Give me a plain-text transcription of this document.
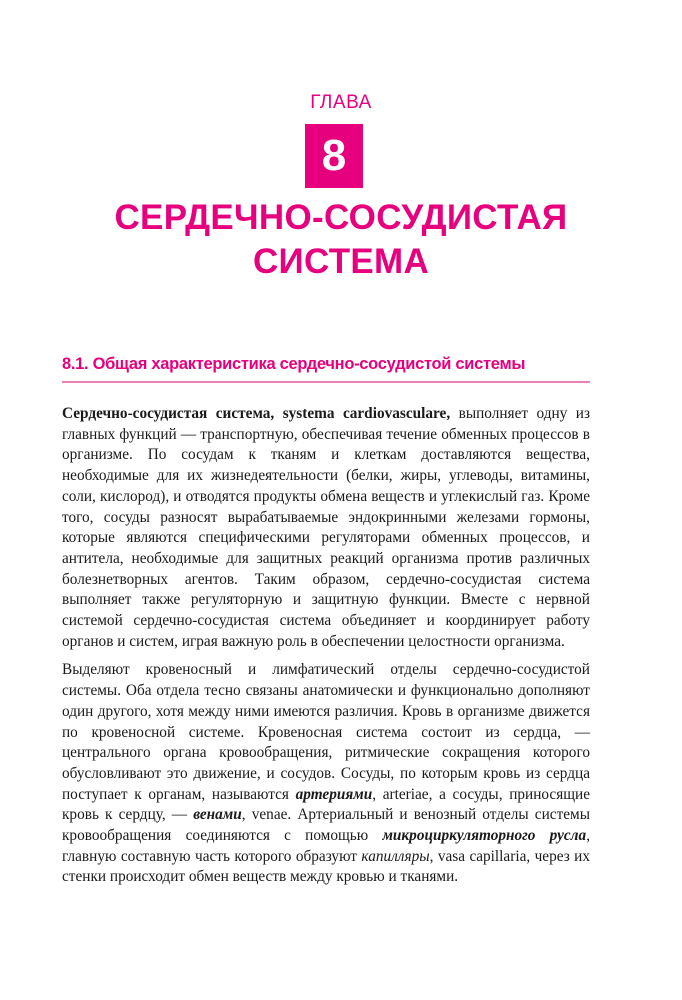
ГЛАВА
8
СЕРДЕЧНО-СОСУДИСТАЯ
СИСТЕМА
8.1. Общая характеристика сердечно-сосудистой системы

Сердечно-сосудистая система, systema cardiovasculare, выполняет одну из главных функций — транспортную, обеспечивая течение обменных процессов в организме. По сосудам к тканям и клеткам доставляются вещества, необходимые для их жизнедеятельности (белки, жиры, углеводы, витамины, соли, кислород), и отводятся продукты обмена веществ и углекислый газ. Кроме того, сосуды разносят вырабатываемые эндокринными железами гормоны, которые являются специфическими регуляторами обменных процессов, и антитела, необходимые для защитных реакций организма против различных болезнетворных агентов. Таким образом, сердечно-сосудистая система выполняет также регуляторную и защитную функции. Вместе с нервной системой сердечно-сосудистая система объединяет и координирует работу органов и систем, играя важную роль в обеспечении целостности организма.

Выделяют кровеносный и лимфатический отделы сердечно-сосудистой системы. Оба отдела тесно связаны анатомически и функционально дополняют один другого, хотя между ними имеются различия. Кровь в организме движется по кровеносной системе. Кровеносная система состоит из сердца, — центрального органа кровообращения, ритмические сокращения которого обусловливают это движение, и сосудов. Сосуды, по которым кровь из сердца поступает к органам, называются артериями, arteriae, а сосуды, приносящие кровь к сердцу, — венами, venae. Артериальный и венозный отделы системы кровообращения соединяются с помощью микроциркуляторного русла, главную составную часть которого образуют капилляры, vasa capillaria, через их стенки происходит обмен веществ между кровью и тканями.
